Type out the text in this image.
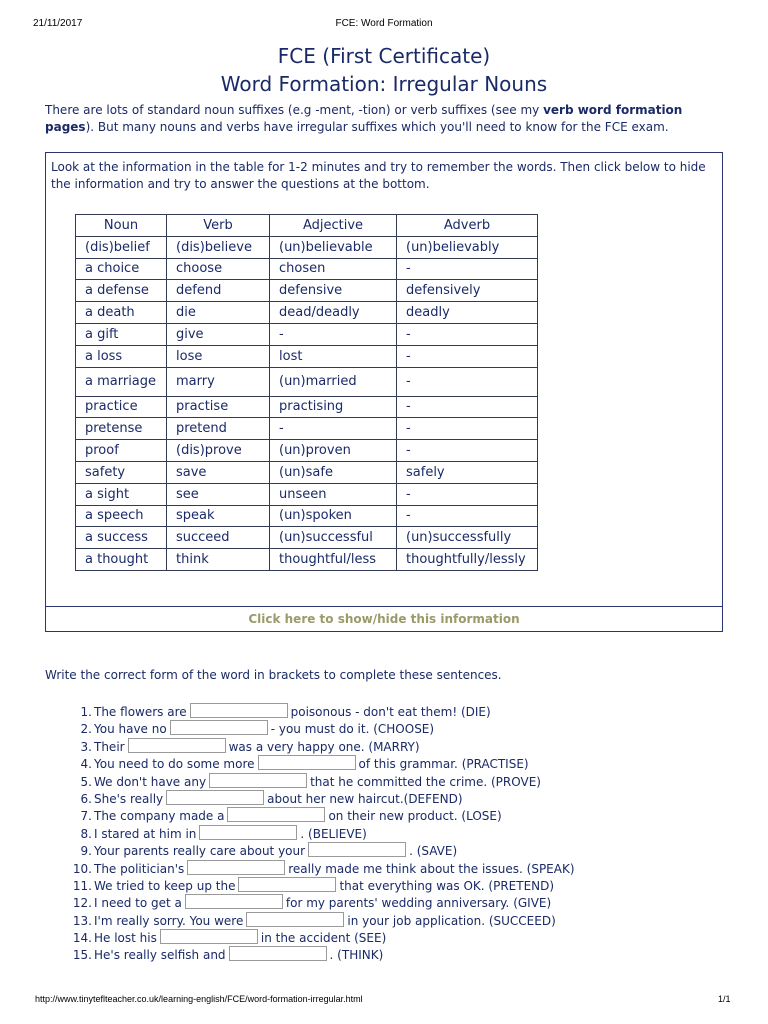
21/11/2017	FCE: Word Formation
FCE (First Certificate)
Word Formation: Irregular Nouns
There are lots of standard noun suffixes (e.g -ment, -tion) or verb suffixes (see my verb word formation pages). But many nouns and verbs have irregular suffixes which you'll need to know for the FCE exam.
Look at the information in the table for 1-2 minutes and try to remember the words. Then click below to hide the information and try to answer the questions at the bottom.
Click here to show/hide this information
Noun	Verb	Adjective	Adverb
(dis)belief	(dis)believe	(un)believable	(un)believably
a choice	choose	chosen	-
a defense	defend	defensive	defensively
a death	die	dead/deadly	deadly
a gift	give	-	-
a loss	lose	lost	-
a marriage	marry	(un)married	-
practice	practise	practising	-
pretense	pretend	-	-
proof	(dis)prove	(un)proven	-
safety	save	(un)safe	safely
a sight	see	unseen	-
a speech	speak	(un)spoken	-
a success	succeed	(un)successful	(un)successfully
a thought	think	thoughtful/less	thoughtfully/lessly
Write the correct form of the word in brackets to complete these sentences.
1. The flowers are	poisonous - don't eat them! (DIE)
2. You have no	- you must do it. (CHOOSE)
3. Their	was a very happy one. (MARRY)
4. You need to do some more	of this grammar. (PRACTISE)
5. We don't have any	that he committed the crime. (PROVE)
6. She's really	about her new haircut.(DEFEND)
7. The company made a	on their new product. (LOSE)
8. I stared at him in	. (BELIEVE)
9. Your parents really care about your	. (SAVE)
10. The politician's	really made me think about the issues. (SPEAK)
11. We tried to keep up the	that everything was OK. (PRETEND)
12. I need to get a	for my parents' wedding anniversary. (GIVE)
13. I'm really sorry. You were	in your job application. (SUCCEED)
14. He lost his	in the accident (SEE)
15. He's really selfish and	. (THINK)
http://www.tinyteflteacher.co.uk/learning-english/FCE/word-formation-irregular.html	1/1
